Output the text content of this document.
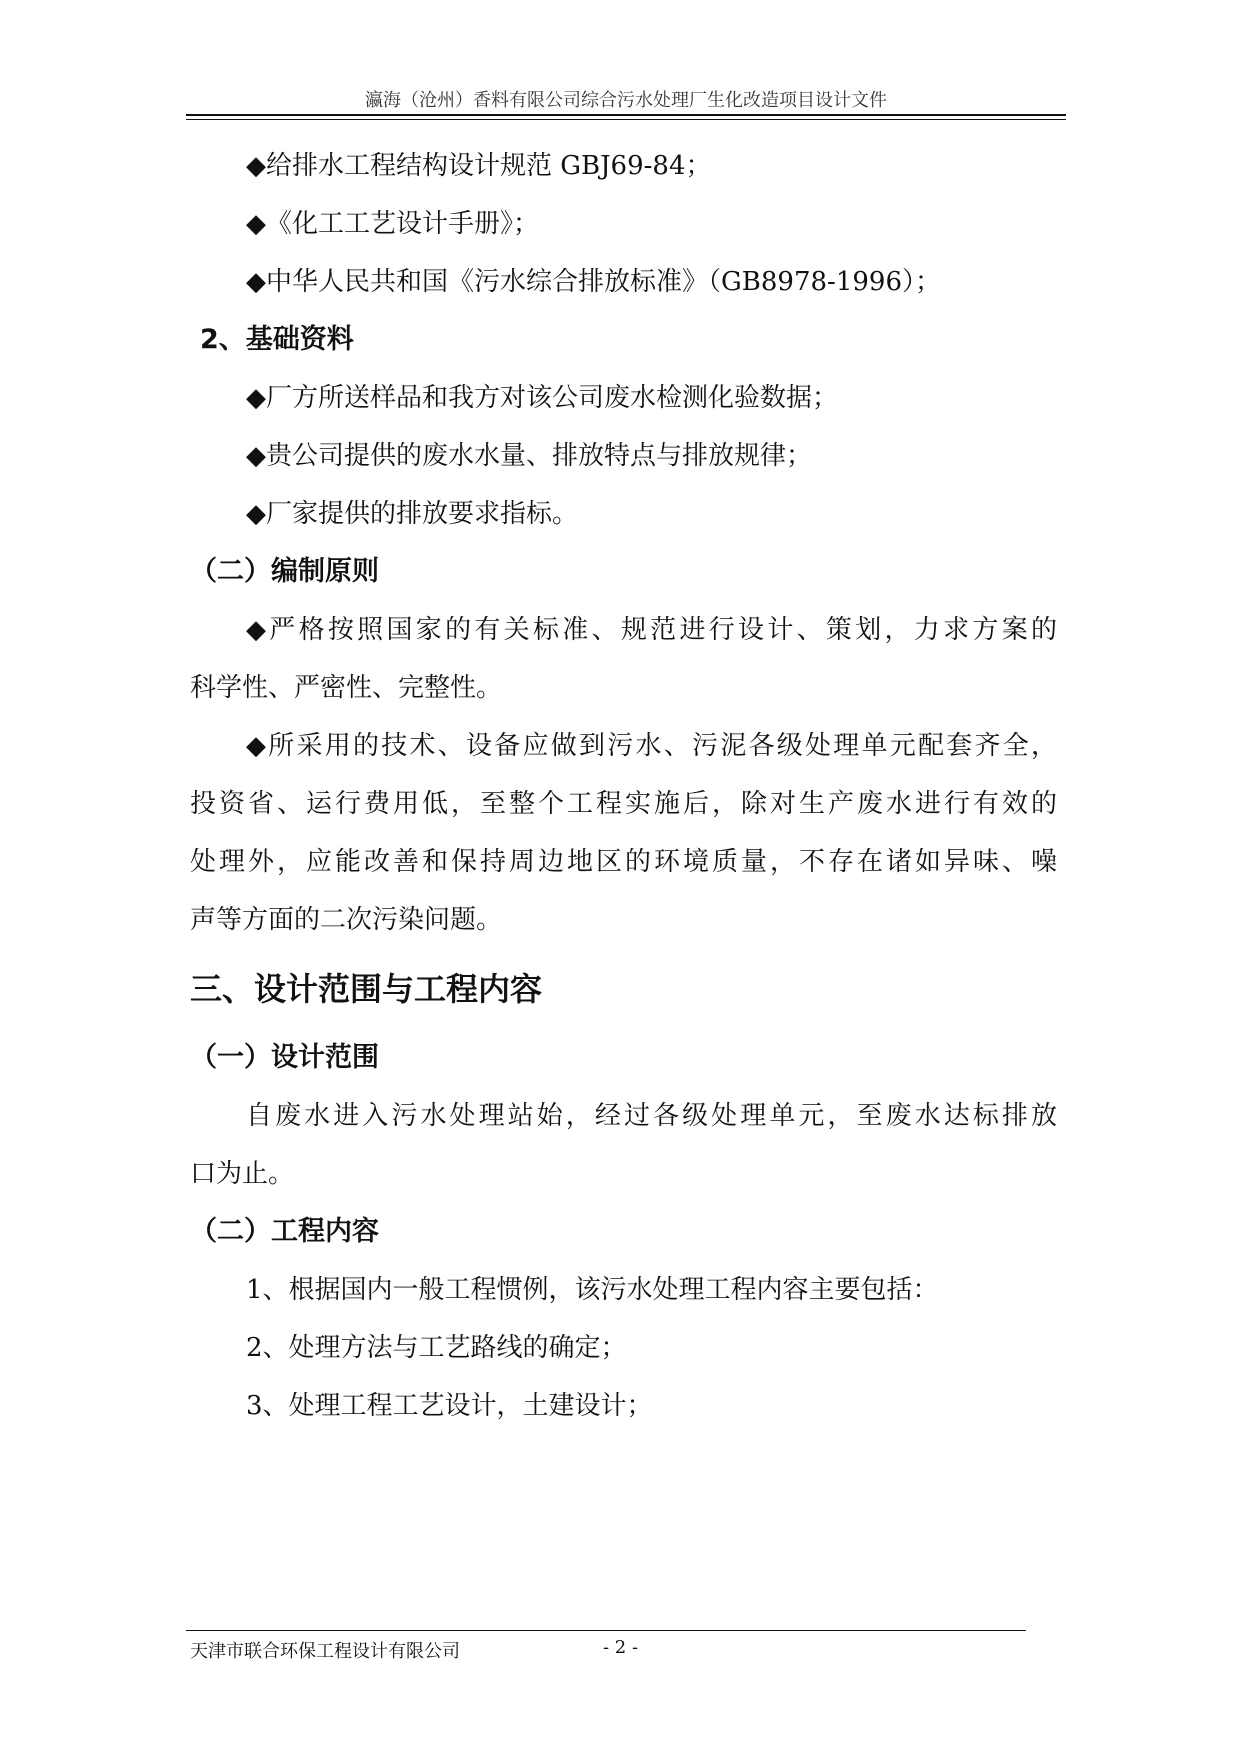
瀛海（沧州）香料有限公司综合污水处理厂生化改造项目设计文件
◆给排水工程结构设计规范 GBJ69-84；
◆《化工工艺设计手册》；
◆中华人民共和国《污水综合排放标准》（GB8978-1996）；
2、基础资料
◆厂方所送样品和我方对该公司废水检测化验数据；
◆贵公司提供的废水水量、排放特点与排放规律；
◆厂家提供的排放要求指标。
（二）编制原则
◆严格按照国家的有关标准、规范进行设计、策划，力求方案的
科学性、严密性、完整性。
◆所采用的技术、设备应做到污水、污泥各级处理单元配套齐全，
投资省、运行费用低，至整个工程实施后，除对生产废水进行有效的
处理外，应能改善和保持周边地区的环境质量，不存在诸如异味、噪
声等方面的二次污染问题。
三、设计范围与工程内容
（一）设计范围
自废水进入污水处理站始，经过各级处理单元，至废水达标排放
口为止。
（二）工程内容
1、根据国内一般工程惯例，该污水处理工程内容主要包括：
2、处理方法与工艺路线的确定；
3、处理工程工艺设计，土建设计；
天津市联合环保工程设计有限公司	- 2 -
